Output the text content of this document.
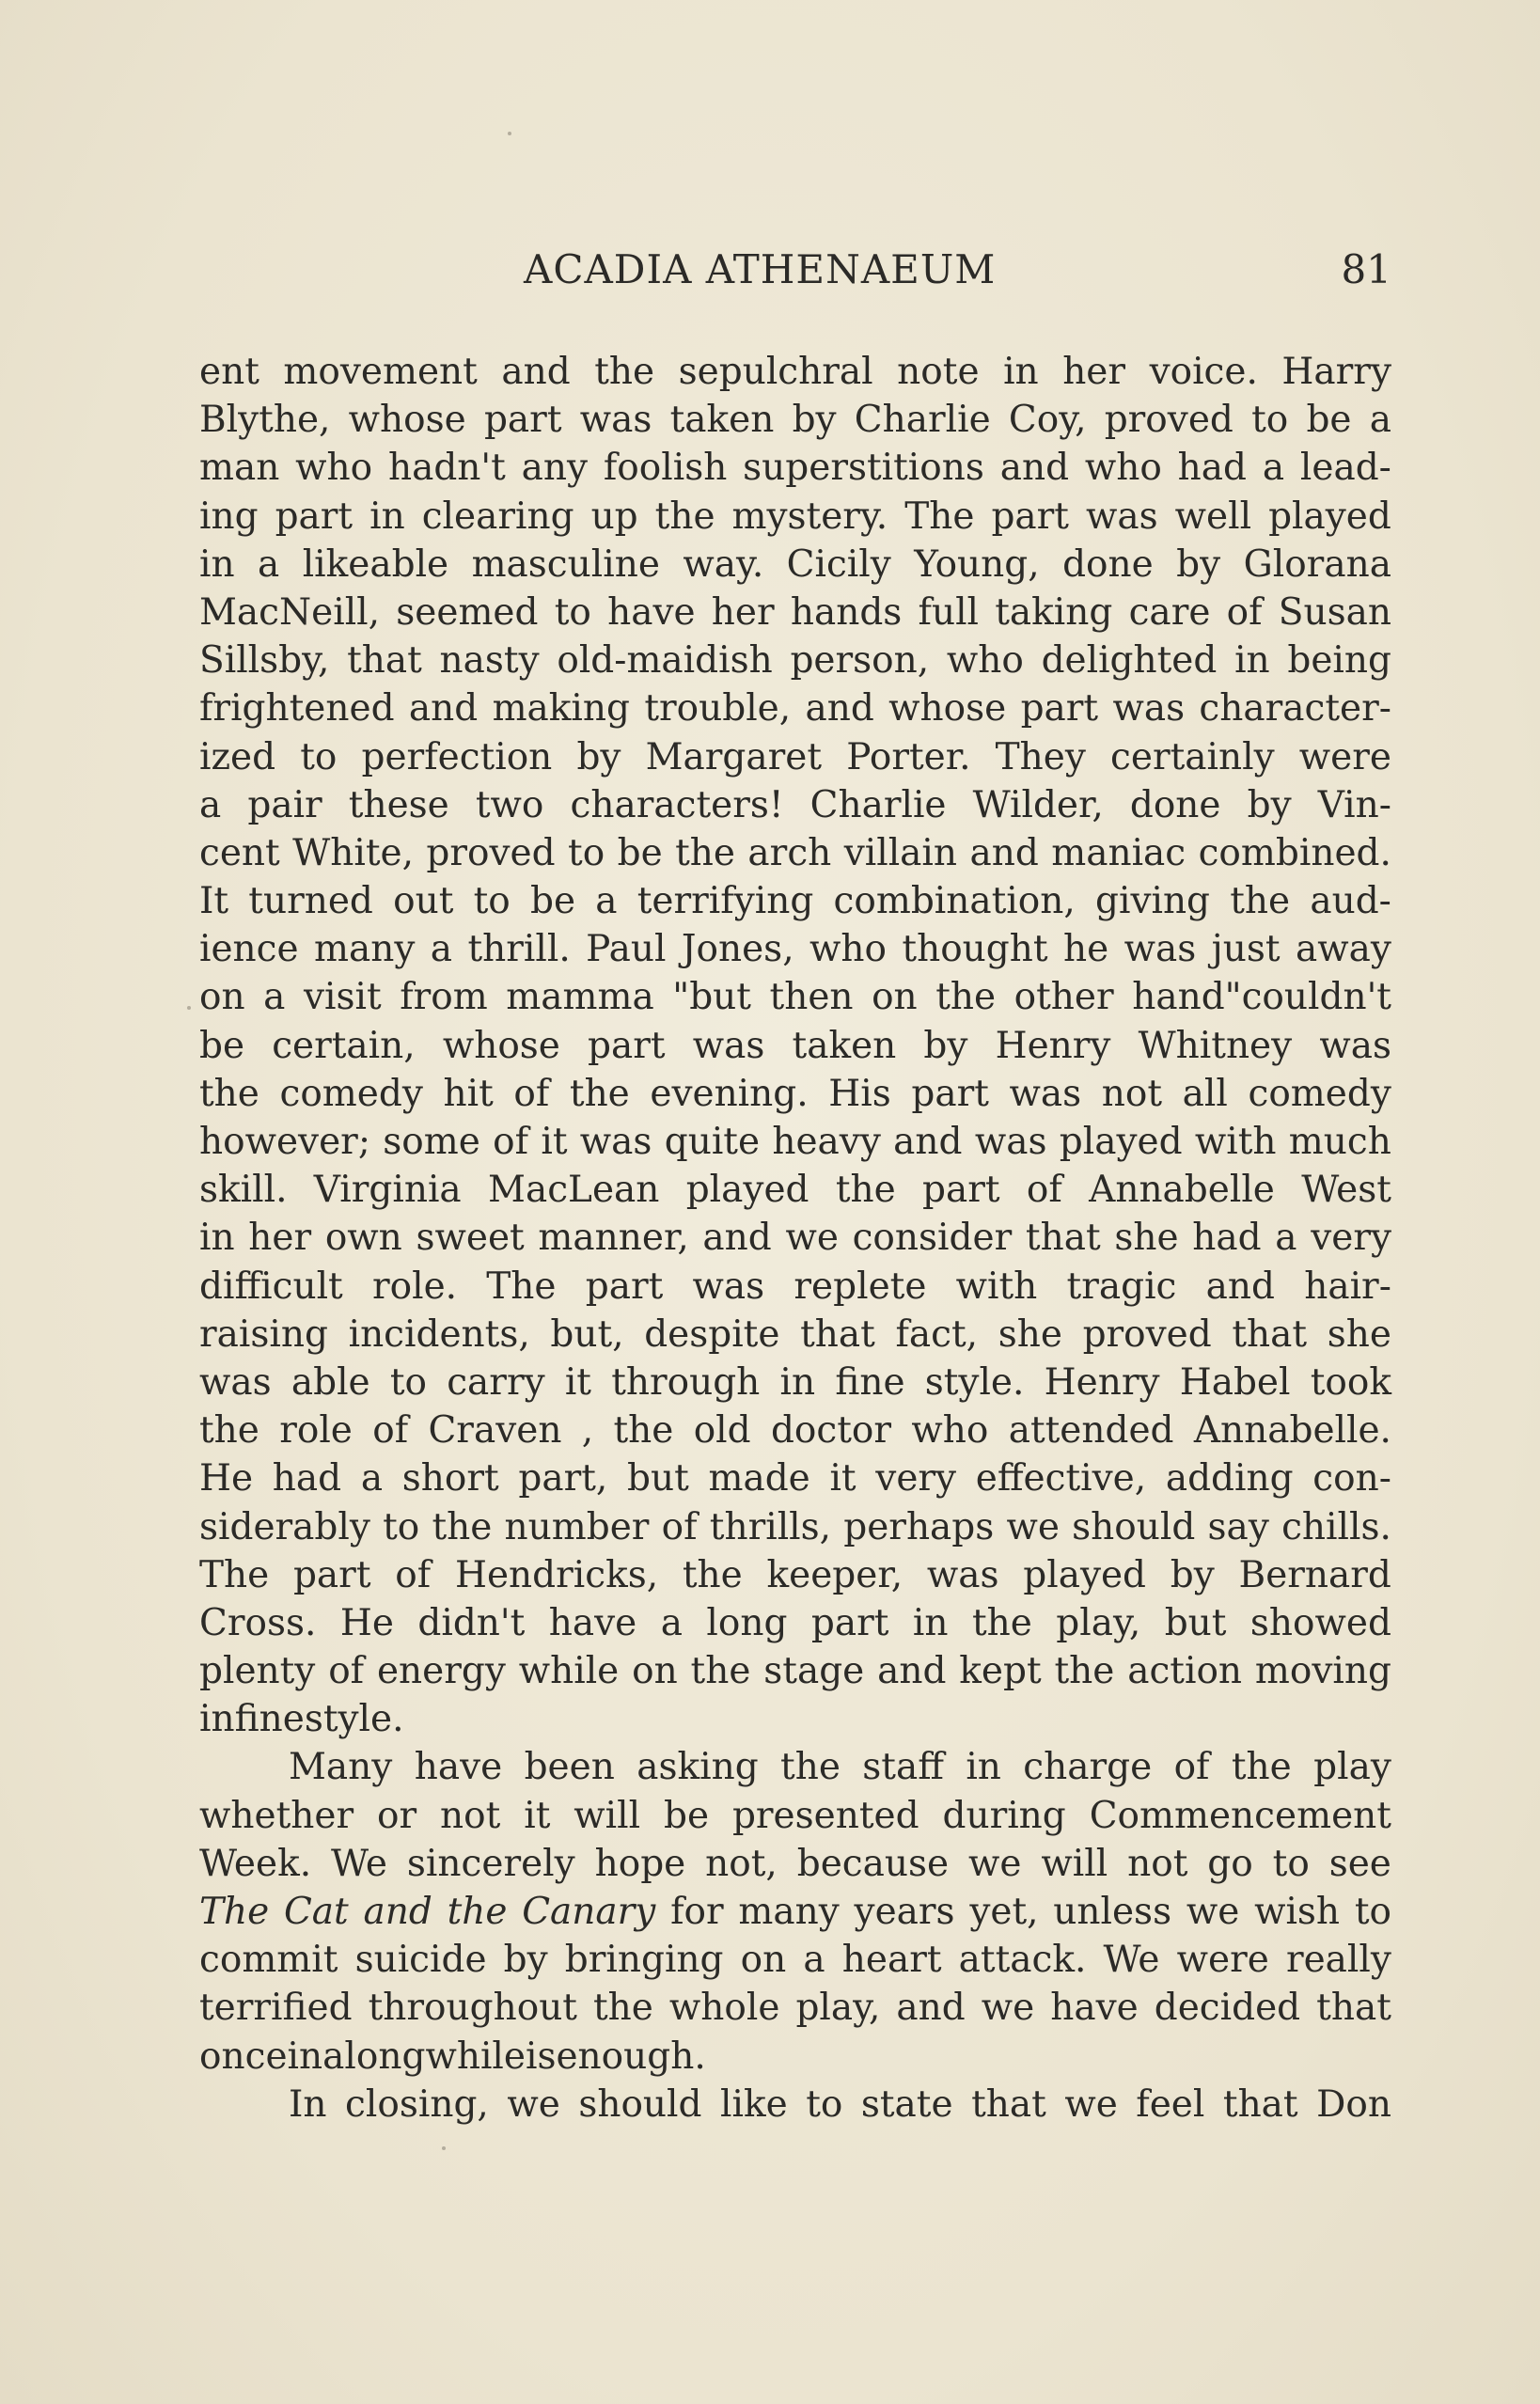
ACADIA ATHENAEUM	81
ent movement and the sepulchral note in her voice. Harry
Blythe, whose part was taken by Charlie Coy, proved to be a
man who hadn't any foolish superstitions and who had a lead-
ing part in clearing up the mystery. The part was well played
in a likeable masculine way. Cicily Young, done by Glorana
MacNeill, seemed to have her hands full taking care of Susan
Sillsby, that nasty old-maidish person, who delighted in being
frightened and making trouble, and whose part was character-
ized to perfection by Margaret Porter. They certainly were
a pair these two characters! Charlie Wilder, done by Vin-
cent White, proved to be the arch villain and maniac combined.
It turned out to be a terrifying combination, giving the aud-
ience many a thrill. Paul Jones, who thought he was just away
on a visit from mamma "but then on the other hand"couldn't
be certain, whose part was taken by Henry Whitney was
the comedy hit of the evening. His part was not all comedy
however; some of it was quite heavy and was played with much
skill. Virginia MacLean played the part of Annabelle West
in her own sweet manner, and we consider that she had a very
difficult role. The part was replete with tragic and hair-
raising incidents, but, despite that fact, she proved that she
was able to carry it through in fine style. Henry Habel took
the role of Craven , the old doctor who attended Annabelle.
He had a short part, but made it very effective, adding con-
siderably to the number of thrills, perhaps we should say chills.
The part of Hendricks, the keeper, was played by Bernard
Cross. He didn't have a long part in the play, but showed
plenty of energy while on the stage and kept the action moving
in fine style.
Many have been asking the staff in charge of the play
whether or not it will be presented during Commencement
Week. We sincerely hope not, because we will not go to see
The Cat and the Canary for many years yet, unless we wish to
commit suicide by bringing on a heart attack. We were really
terrified throughout the whole play, and we have decided that
once in a long while is enough.
In closing, we should like to state that we feel that Don
